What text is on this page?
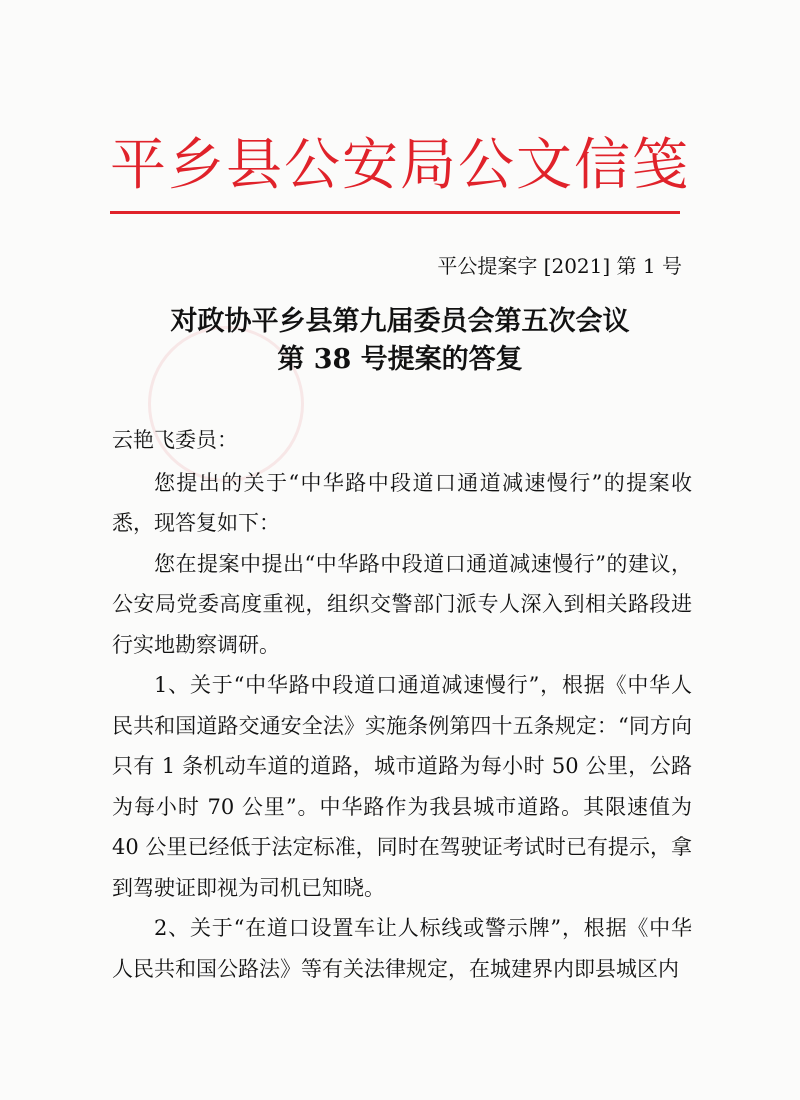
平乡县公安局公文信笺
平公提案字 [2021] 第 1 号
对政协平乡县第九届委员会第五次会议
第 38 号提案的答复

云艳飞委员：

您提出的关于“中华路中段道口通道减速慢行”的提案收悉，现答复如下：

您在提案中提出“中华路中段道口通道减速慢行”的建议，公安局党委高度重视，组织交警部门派专人深入到相关路段进行实地勘察调研。

1、关于“中华路中段道口通道减速慢行”，根据《中华人民共和国道路交通安全法》实施条例第四十五条规定：“同方向只有 1 条机动车道的道路，城市道路为每小时 50 公里，公路为每小时 70 公里”。中华路作为我县城市道路。其限速值为 40 公里已经低于法定标准，同时在驾驶证考试时已有提示，拿到驾驶证即视为司机已知晓。

2、关于“在道口设置车让人标线或警示牌”，根据《中华人民共和国公路法》等有关法律规定，在城建界内即县城区内
